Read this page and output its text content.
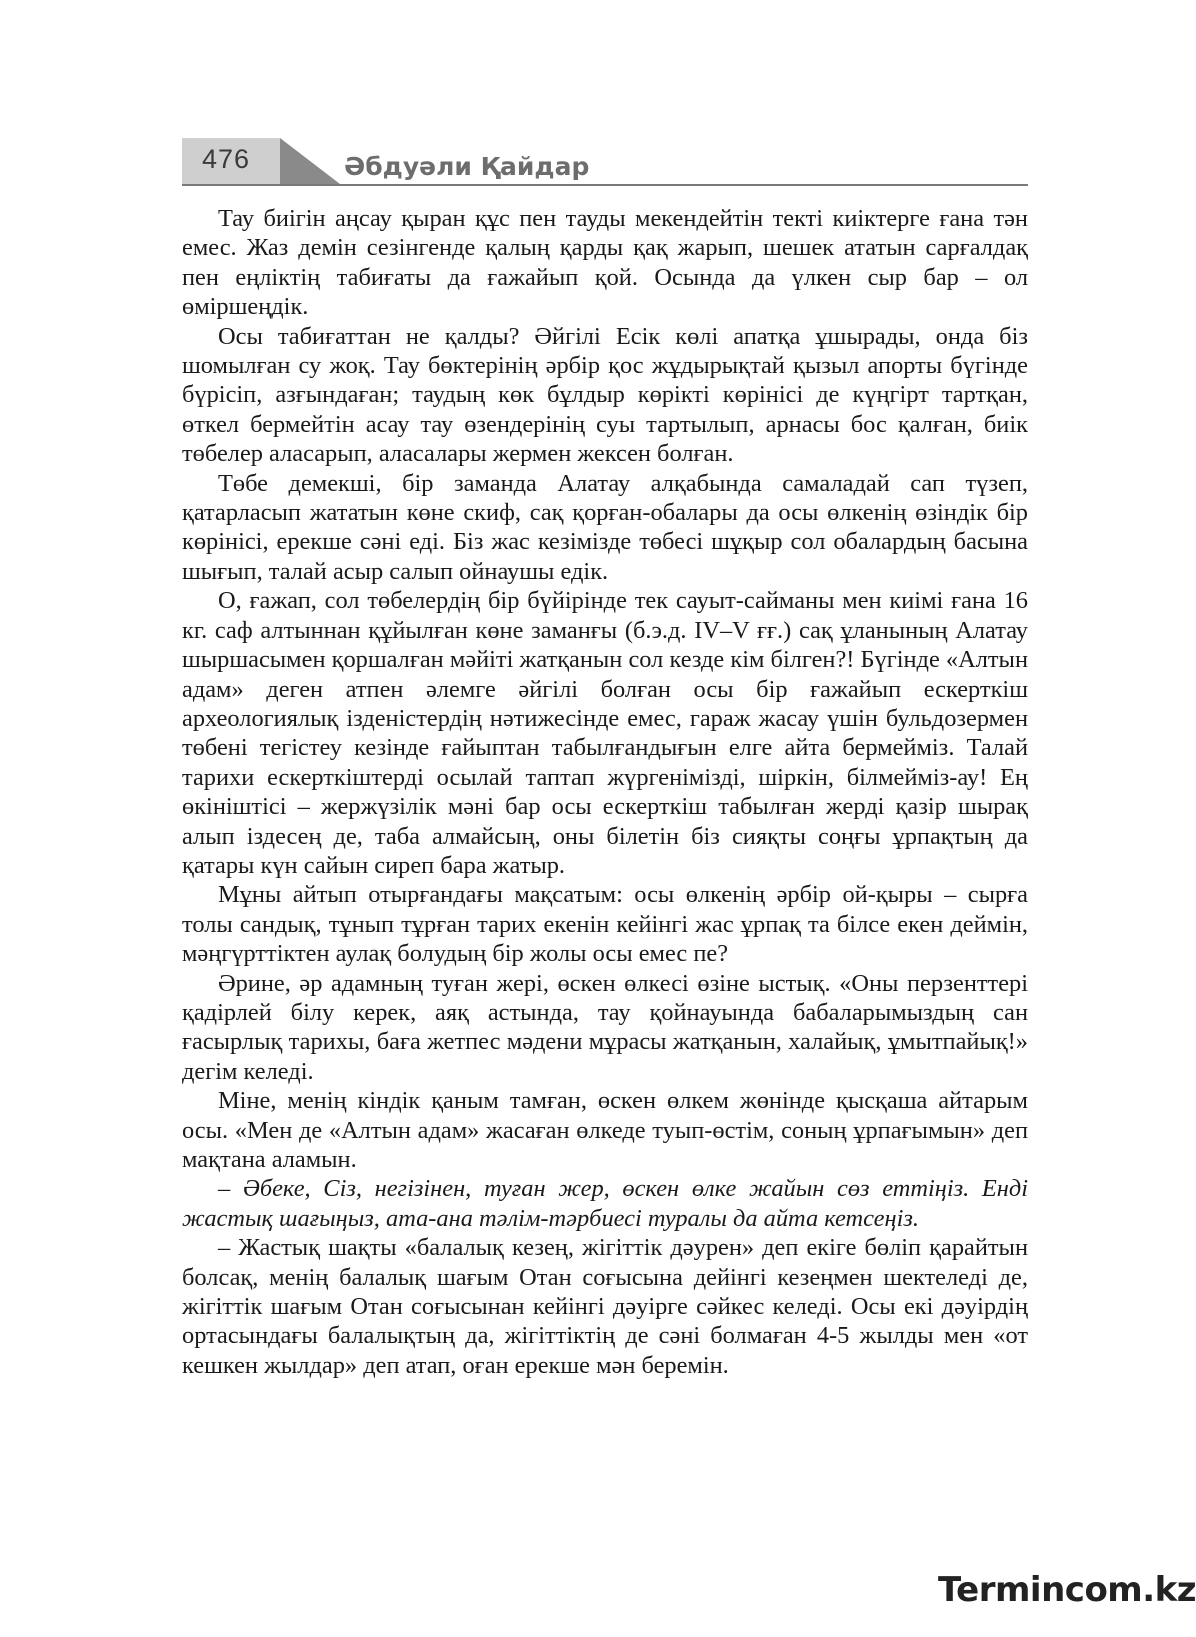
476	Әбдуәли Қайдар

Тау биігін аңсау қыран құс пен тауды мекендейтін тектi киiктерге ғана тән емес. Жаз демін сезiнгенде қалың қарды қақ жарып, шешек ататын сарғалдақ пен еңлiктiң табиғаты да ғажайып қой. Осында да үлкен сыр бар – ол өмiршеңдiк.

Осы табиғаттан не қалды? Әйгiлi Есiк көлi апатқа ұшырады, онда біз шомылған су жоқ. Тау бөктерiнiң әрбiр қос жұдырықтай қызыл апорты бүгінде бүрiсiп, азғындаған; таудың көк бұлдыр көрiктi көрiнiсi де күңгiрт тартқан, өткел бермейтiн асау тау өзендерiнiң суы тартылып, арнасы бос қалған, биiк төбелер аласарып, аласалары жермен жексен болған.

Төбе демекшi, бiр заманда Алатау алқабында самаладай сап түзеп, қатарласып жататын көне скиф, сақ қорған-обалары да осы өлкенiң өзiндiк бiр көрiнiсi, ерекше сәнi едi. Біз жас кезiмiзде төбесi шұқыр сол обалардың басына шығып, талай асыр салып ойнаушы едiк.

О, ғажап, сол төбелердiң бiр бүйiрiнде тек сауыт-сайманы мен киiмi ғана 16 кг. саф алтыннан құйылған көне заманғы (б.э.д. IV–V ғғ.) сақ ұланының Алатау шыршасымен қоршалған мәйiтi жатқанын сол кезде кiм бiлген?! Бүгiнде «Алтын адам» деген атпен әлемге әйгiлi болған осы бiр ғажайып ескерткiш археологиялық iзденiстердiң нәтижесiнде емес, гараж жасау үшiн бульдозермен төбенi тегiстеу кезiнде ғайыптан табылғандығын елге айта бермеймiз. Талай тарихи ескерткiштердi осылай таптап жүргенiмiздi, шiркiн, бiлмеймiз-ау! Ең өкiнiштiсi – жержүзiлiк мәнi бар осы ескерткiш табылған жердi қазір шырақ алып iздесең де, таба алмайсың, оны бiлетiн бiз сияқты соңғы ұрпақтың да қатары күн сайын сиреп бара жатыр.

Мұны айтып отырғандағы мақсатым: осы өлкенiң әрбiр ой-қыры – сырға толы сандық, тұнып тұрған тарих екенiн кейiнгi жас ұрпақ та бiлсе екен деймiн, мәңгүрттiктен аулақ болудың бiр жолы осы емес пе?

Әрине, әр адамның туған жерi, өскен өлкесi өзiне ыстық. «Оны перзенттерi қадiрлей бiлу керек, аяқ астында, тау қойнауында бабаларымыздың сан ғасырлық тарихы, баға жетпес мәдени мұрасы жатқанын, халайық, ұмытпайық!» дегiм келедi.

Мiне, менiң кiндiк қаным тамған, өскен өлкем жөнiнде қысқаша айтарым осы. «Мен де «Алтын адам» жасаған өлкеде туып-өстiм, соның ұрпағымын» деп мақтана аламын.

– Әбеке, Сіз, негізінен, туған жер, өскен өлке жайын сөз еттіңіз. Енді жастық шағыңыз, ата-ана тәлім-тәрбиесі туралы да айта кетсеңіз.

– Жастық шақты «балалық кезең, жiгiттiк дәурен» деп екiге бөлiп қарайтын болсақ, менiң балалық шағым Отан соғысына дейiнгi кезеңмен шектеледi де, жiгiттiк шағым Отан соғысынан кейiнгi дәуiрге сәйкес келедi. Осы екi дәуiрдiң ортасындағы балалықтың да, жiгiттiктiң де сәнi болмаған 4-5 жылды мен «от кешкен жылдар» деп атап, оған ерекше мән беремiн.

Termincom.kz
